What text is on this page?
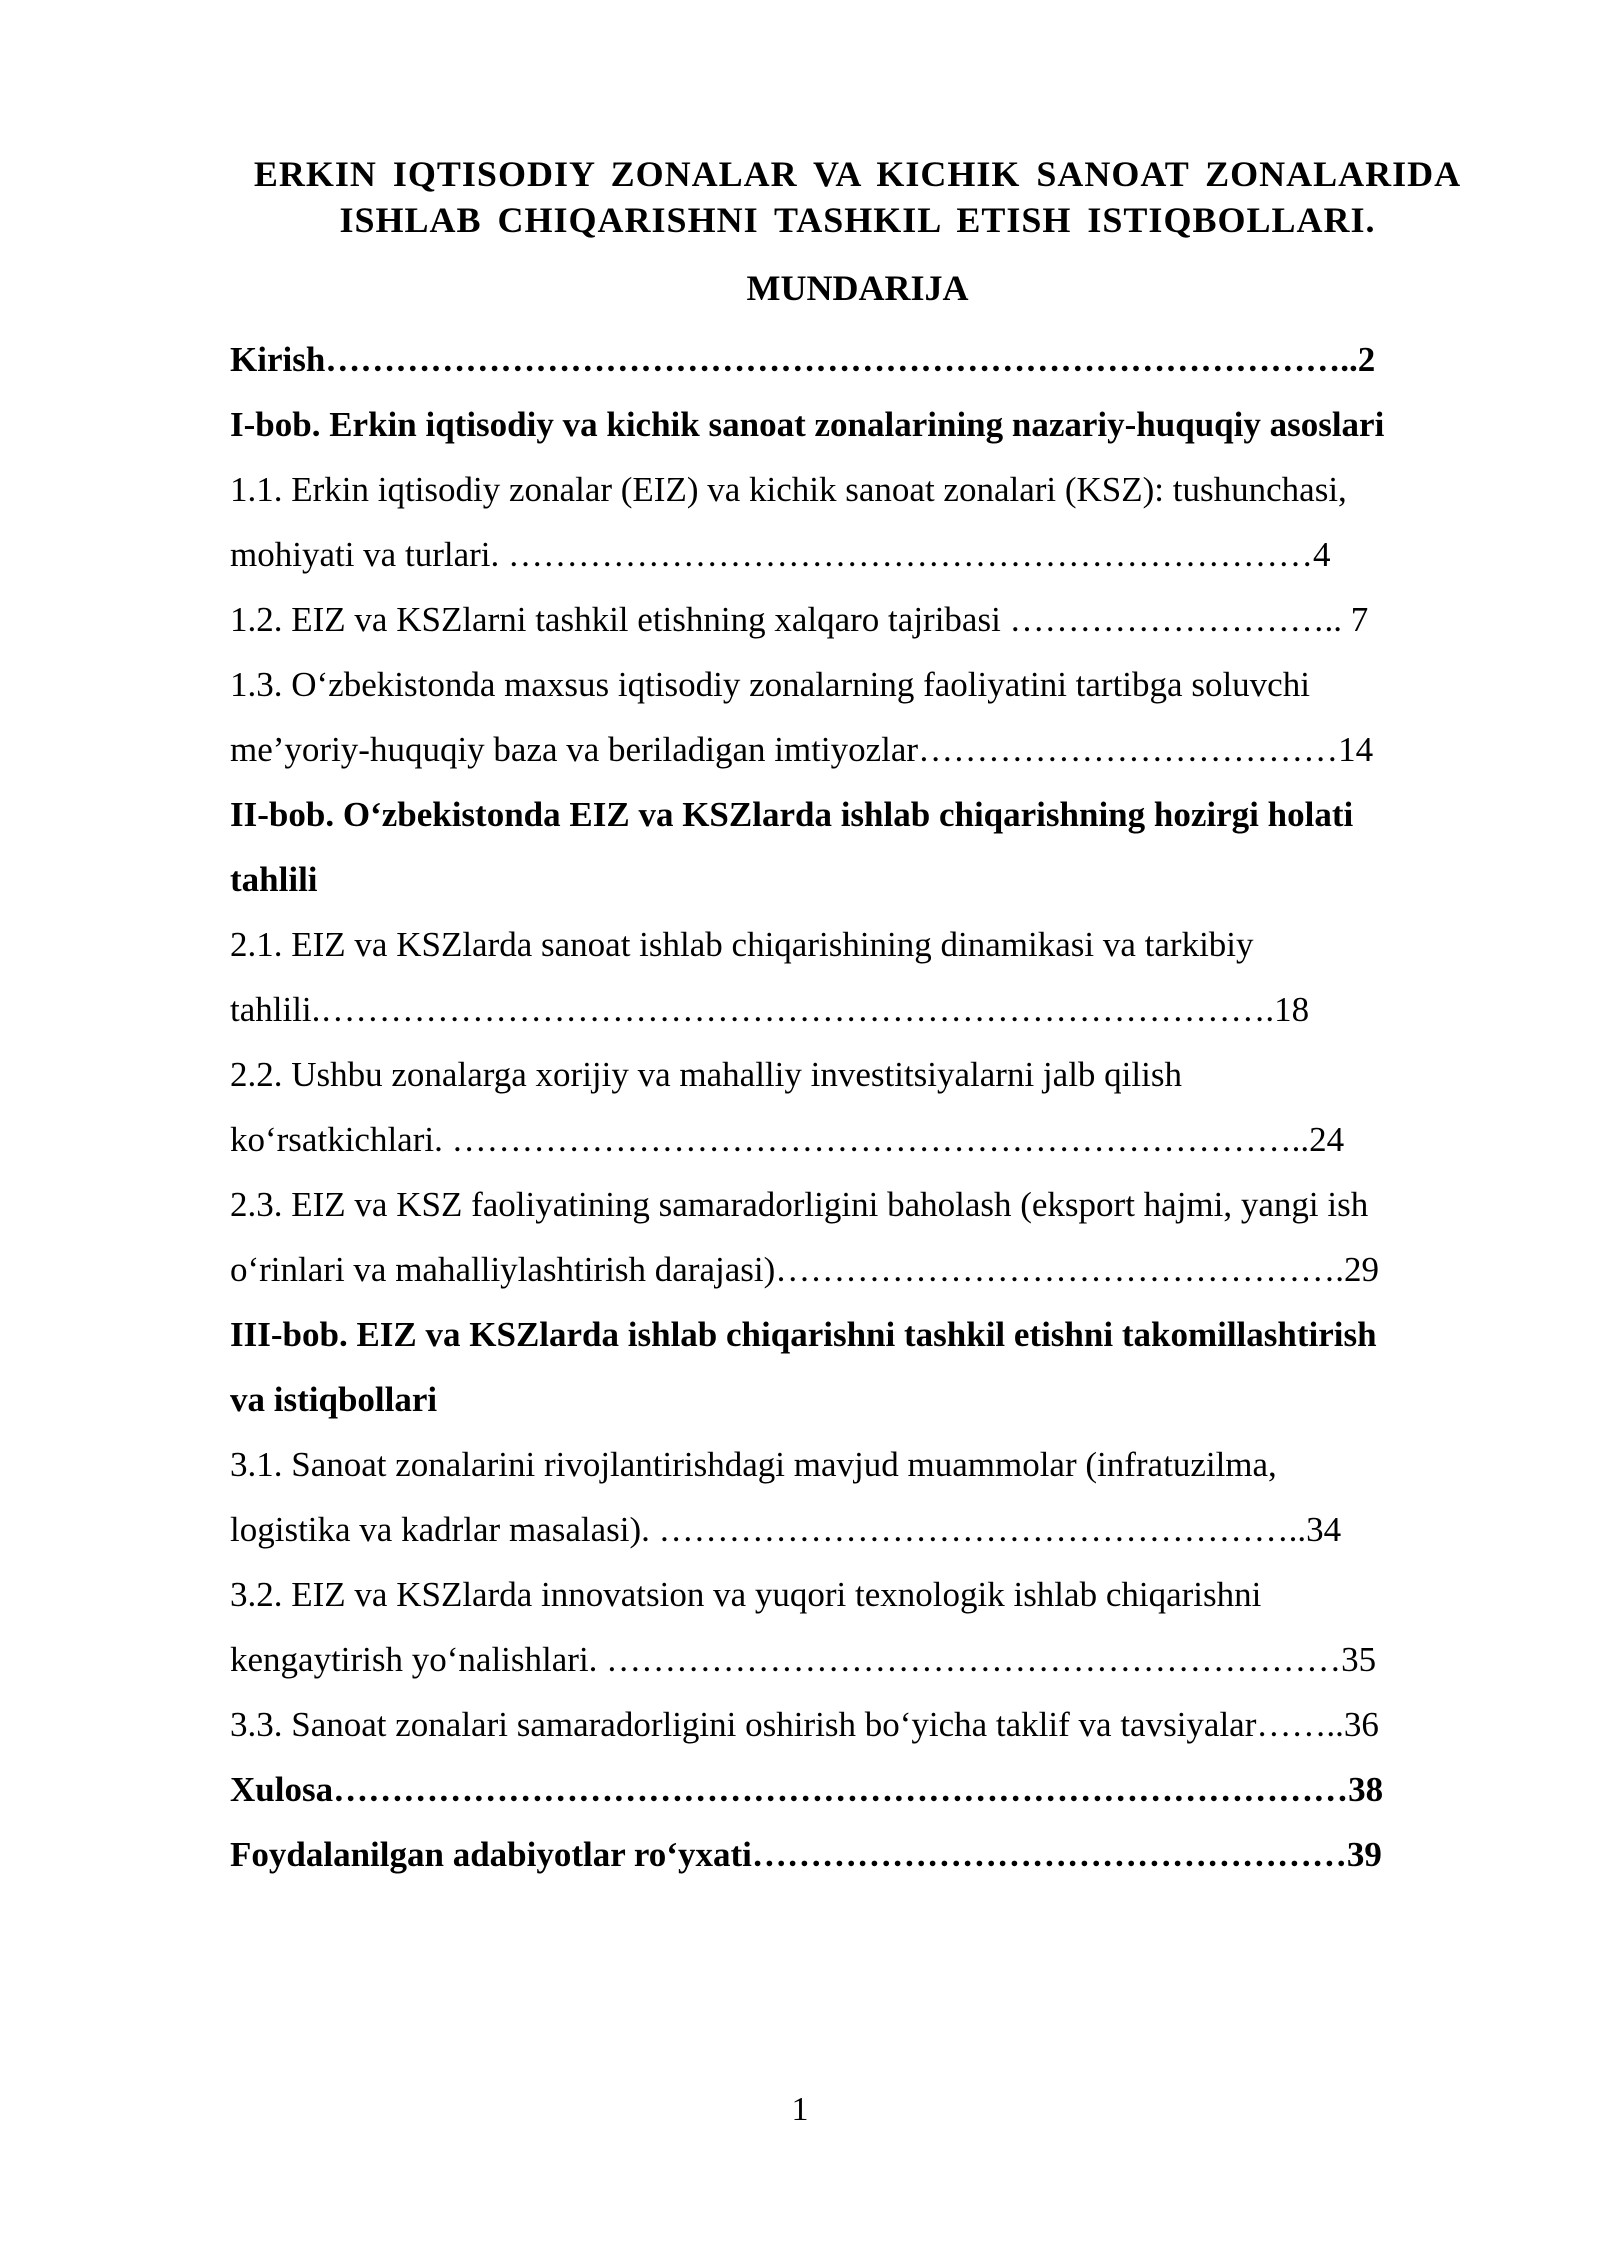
ERKIN IQTISODIY ZONALAR VA KICHIK SANOAT ZONALARIDA
ISHLAB CHIQARISHNI TASHKIL ETISH ISTIQBOLLARI.
MUNDARIJA
Kirish……………………………………………………………………………..2
I-bob. Erkin iqtisodiy va kichik sanoat zonalarining nazariy-huquqiy asoslari
1.1. Erkin iqtisodiy zonalar (EIZ) va kichik sanoat zonalari (KSZ): tushunchasi,
mohiyati va turlari. ……………………………………………………………4
1.2. EIZ va KSZlarni tashkil etishning xalqaro tajribasi ……………………….. 7
1.3. O‘zbekistonda maxsus iqtisodiy zonalarning faoliyatini tartibga soluvchi
me’yoriy-huquqiy baza va beriladigan imtiyozlar………………………………14
II-bob. O‘zbekistonda EIZ va KSZlarda ishlab chiqarishning hozirgi holati
tahlili
2.1. EIZ va KSZlarda sanoat ishlab chiqarishining dinamikasi va tarkibiy
tahlili.……………………………………………………………………….18
2.2. Ushbu zonalarga xorijiy va mahalliy investitsiyalarni jalb qilish
ko‘rsatkichlari. ………………………………………………………………..24
2.3. EIZ va KSZ faoliyatining samaradorligini baholash (eksport hajmi, yangi ish
o‘rinlari va mahalliylashtirish darajasi)………………………………………….29
III-bob. EIZ va KSZlarda ishlab chiqarishni tashkil etishni takomillashtirish
va istiqbollari
3.1. Sanoat zonalarini rivojlantirishdagi mavjud muammolar (infratuzilma,
logistika va kadrlar masalasi). ………………………………………………..34
3.2. EIZ va KSZlarda innovatsion va yuqori texnologik ishlab chiqarishni
kengaytirish yo‘nalishlari. ………………………………………………………35
3.3. Sanoat zonalari samaradorligini oshirish bo‘yicha taklif va tavsiyalar……..36
Xulosa……………………………………………………………………………38
Foydalanilgan adabiyotlar ro‘yxati……………………………………………39
1
